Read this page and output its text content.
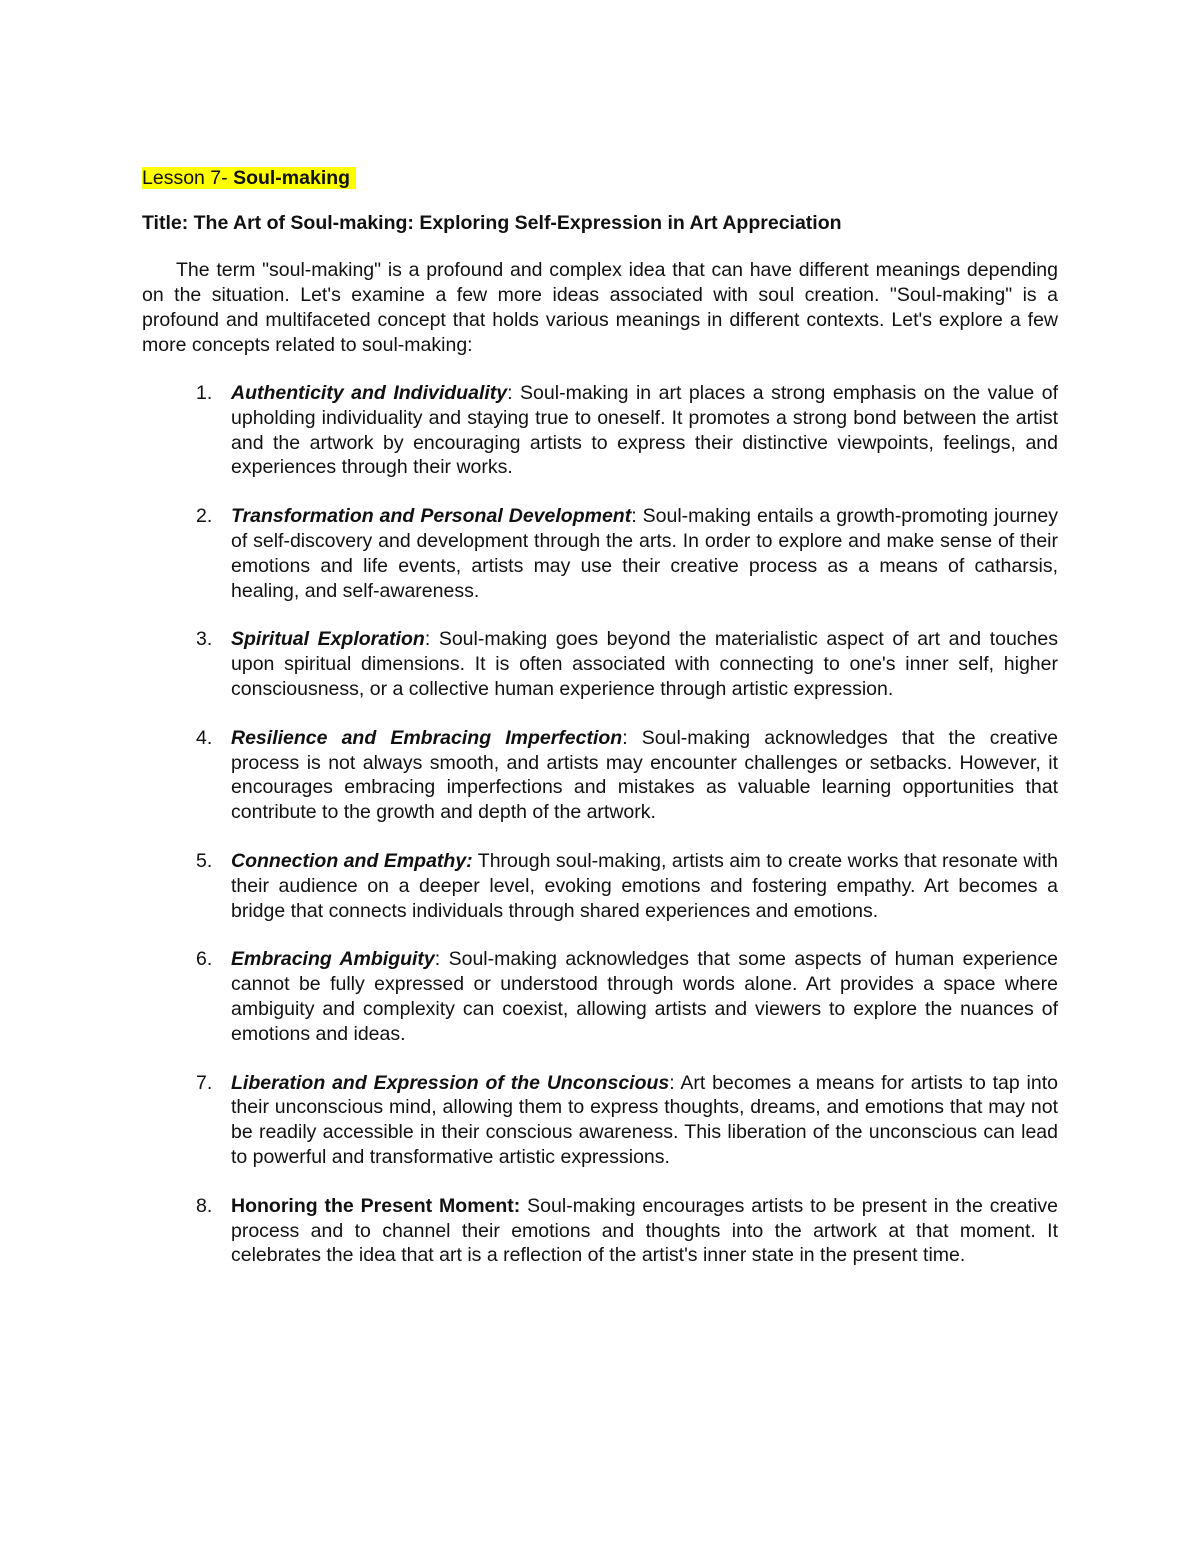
Lesson 7- Soul-making

Title: The Art of Soul-making: Exploring Self-Expression in Art Appreciation

The term "soul-making" is a profound and complex idea that can have different meanings depending on the situation. Let's examine a few more ideas associated with soul creation. "Soul-making" is a profound and multifaceted concept that holds various meanings in different contexts. Let's explore a few more concepts related to soul-making:

1. Authenticity and Individuality: Soul-making in art places a strong emphasis on the value of upholding individuality and staying true to oneself. It promotes a strong bond between the artist and the artwork by encouraging artists to express their distinctive viewpoints, feelings, and experiences through their works.
2. Transformation and Personal Development: Soul-making entails a growth-promoting journey of self-discovery and development through the arts. In order to explore and make sense of their emotions and life events, artists may use their creative process as a means of catharsis, healing, and self-awareness.
3. Spiritual Exploration: Soul-making goes beyond the materialistic aspect of art and touches upon spiritual dimensions. It is often associated with connecting to one's inner self, higher consciousness, or a collective human experience through artistic expression.
4. Resilience and Embracing Imperfection: Soul-making acknowledges that the creative process is not always smooth, and artists may encounter challenges or setbacks. However, it encourages embracing imperfections and mistakes as valuable learning opportunities that contribute to the growth and depth of the artwork.
5. Connection and Empathy: Through soul-making, artists aim to create works that resonate with their audience on a deeper level, evoking emotions and fostering empathy. Art becomes a bridge that connects individuals through shared experiences and emotions.
6. Embracing Ambiguity: Soul-making acknowledges that some aspects of human experience cannot be fully expressed or understood through words alone. Art provides a space where ambiguity and complexity can coexist, allowing artists and viewers to explore the nuances of emotions and ideas.
7. Liberation and Expression of the Unconscious: Art becomes a means for artists to tap into their unconscious mind, allowing them to express thoughts, dreams, and emotions that may not be readily accessible in their conscious awareness. This liberation of the unconscious can lead to powerful and transformative artistic expressions.
8. Honoring the Present Moment: Soul-making encourages artists to be present in the creative process and to channel their emotions and thoughts into the artwork at that moment. It celebrates the idea that art is a reflection of the artist's inner state in the present time.
